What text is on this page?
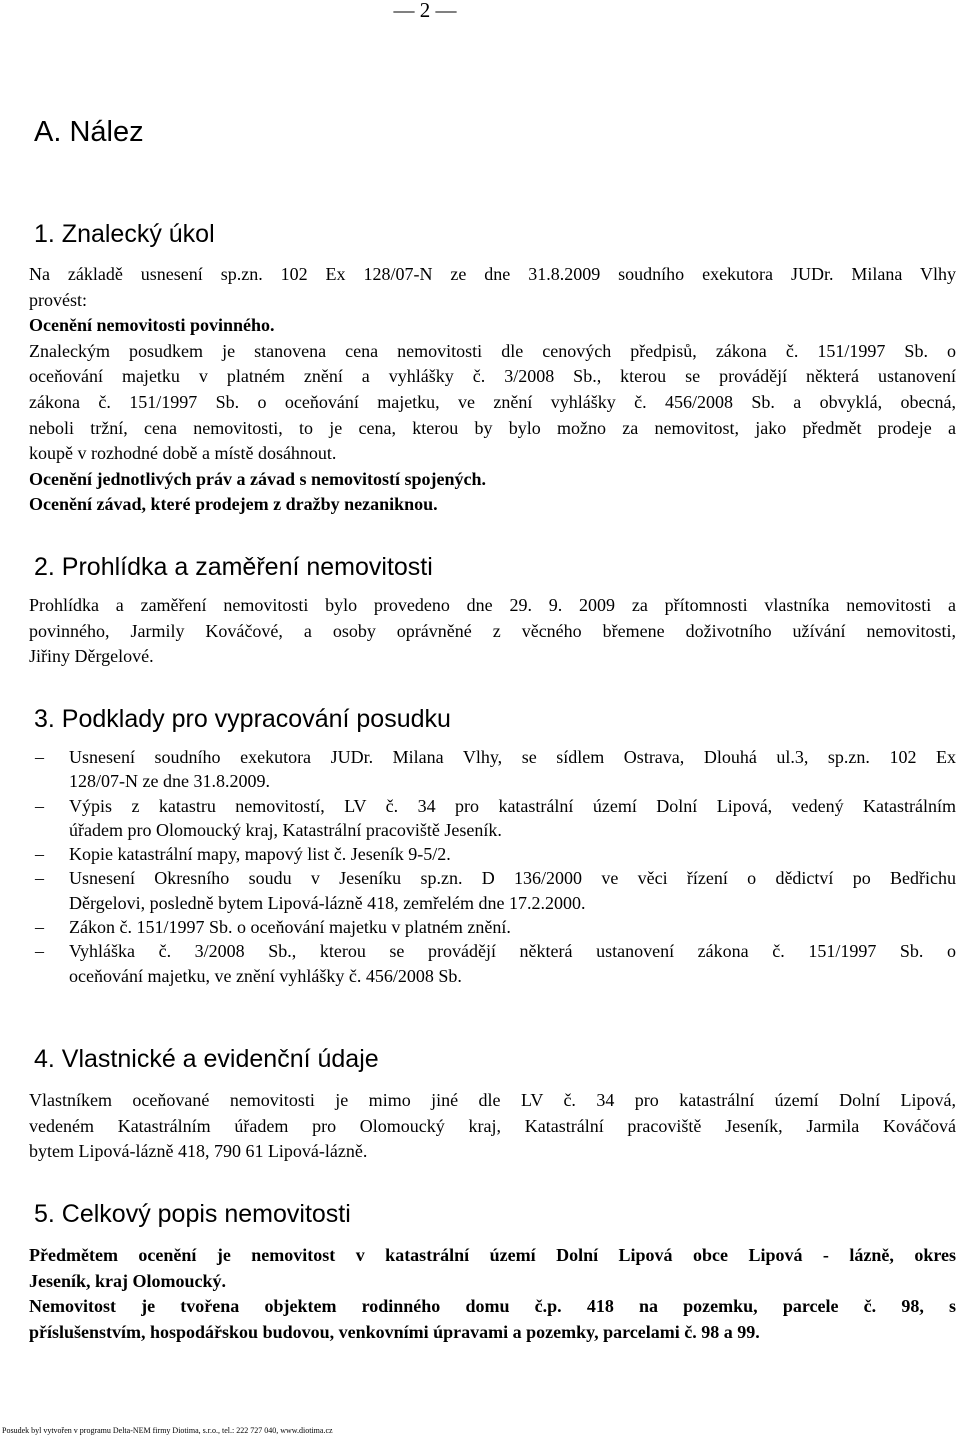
— 2 —
A. Nález
1. Znalecký úkol
Na základě usnesení sp.zn. 102 Ex 128/07-N ze dne 31.8.2009 soudního exekutora JUDr. Milana Vlhy
provést:
Ocenění nemovitosti povinného.
Znaleckým posudkem je stanovena cena nemovitosti dle cenových předpisů, zákona č. 151/1997 Sb. o
oceňování majetku v platném znění a vyhlášky č. 3/2008 Sb., kterou se provádějí některá ustanovení
zákona č. 151/1997 Sb. o oceňování majetku, ve znění vyhlášky č. 456/2008 Sb. a obvyklá, obecná,
neboli tržní, cena nemovitosti, to je cena, kterou by bylo možno za nemovitost, jako předmět prodeje a
koupě v rozhodné době a místě dosáhnout.
Ocenění jednotlivých práv a závad s nemovitostí spojených.
Ocenění závad, které prodejem z dražby nezaniknou.
2. Prohlídka a zaměření nemovitosti
Prohlídka a zaměření nemovitosti bylo provedeno dne 29. 9. 2009 za přítomnosti vlastníka nemovitosti a
povinného, Jarmily Kováčové, a osoby oprávněné z věcného břemene doživotního užívání nemovitosti,
Jiřiny Děrgelové.
3. Podklady pro vypracování posudku
– Usnesení soudního exekutora JUDr. Milana Vlhy, se sídlem Ostrava, Dlouhá ul.3, sp.zn. 102 Ex
128/07-N ze dne 31.8.2009.
– Výpis z katastru nemovitostí, LV č. 34 pro katastrální území Dolní Lipová, vedený Katastrálním
úřadem pro Olomoucký kraj, Katastrální pracoviště Jeseník.
– Kopie katastrální mapy, mapový list č. Jeseník 9-5/2.
– Usnesení Okresního soudu v Jeseníku sp.zn. D 136/2000 ve věci řízení o dědictví po Bedřichu
Děrgelovi, posledně bytem Lipová-lázně 418, zemřelém dne 17.2.2000.
– Zákon č. 151/1997 Sb. o oceňování majetku v platném znění.
– Vyhláška č. 3/2008 Sb., kterou se provádějí některá ustanovení zákona č. 151/1997 Sb. o
oceňování majetku, ve znění vyhlášky č. 456/2008 Sb.
4. Vlastnické a evidenční údaje
Vlastníkem oceňované nemovitosti je mimo jiné dle LV č. 34 pro katastrální území Dolní Lipová,
vedeném Katastrálním úřadem pro Olomoucký kraj, Katastrální pracoviště Jeseník, Jarmila Kováčová
bytem Lipová-lázně 418, 790 61 Lipová-lázně.
5. Celkový popis nemovitosti
Předmětem ocenění je nemovitost v katastrální území Dolní Lipová obce Lipová - lázně, okres
Jeseník, kraj Olomoucký.
Nemovitost je tvořena objektem rodinného domu č.p. 418 na pozemku, parcele č. 98, s
příslušenstvím, hospodářskou budovou, venkovními úpravami a pozemky, parcelami č. 98 a 99.
Posudek byl vytvořen v programu Delta-NEM firmy Diotima, s.r.o., tel.: 222 727 040, www.diotima.cz
